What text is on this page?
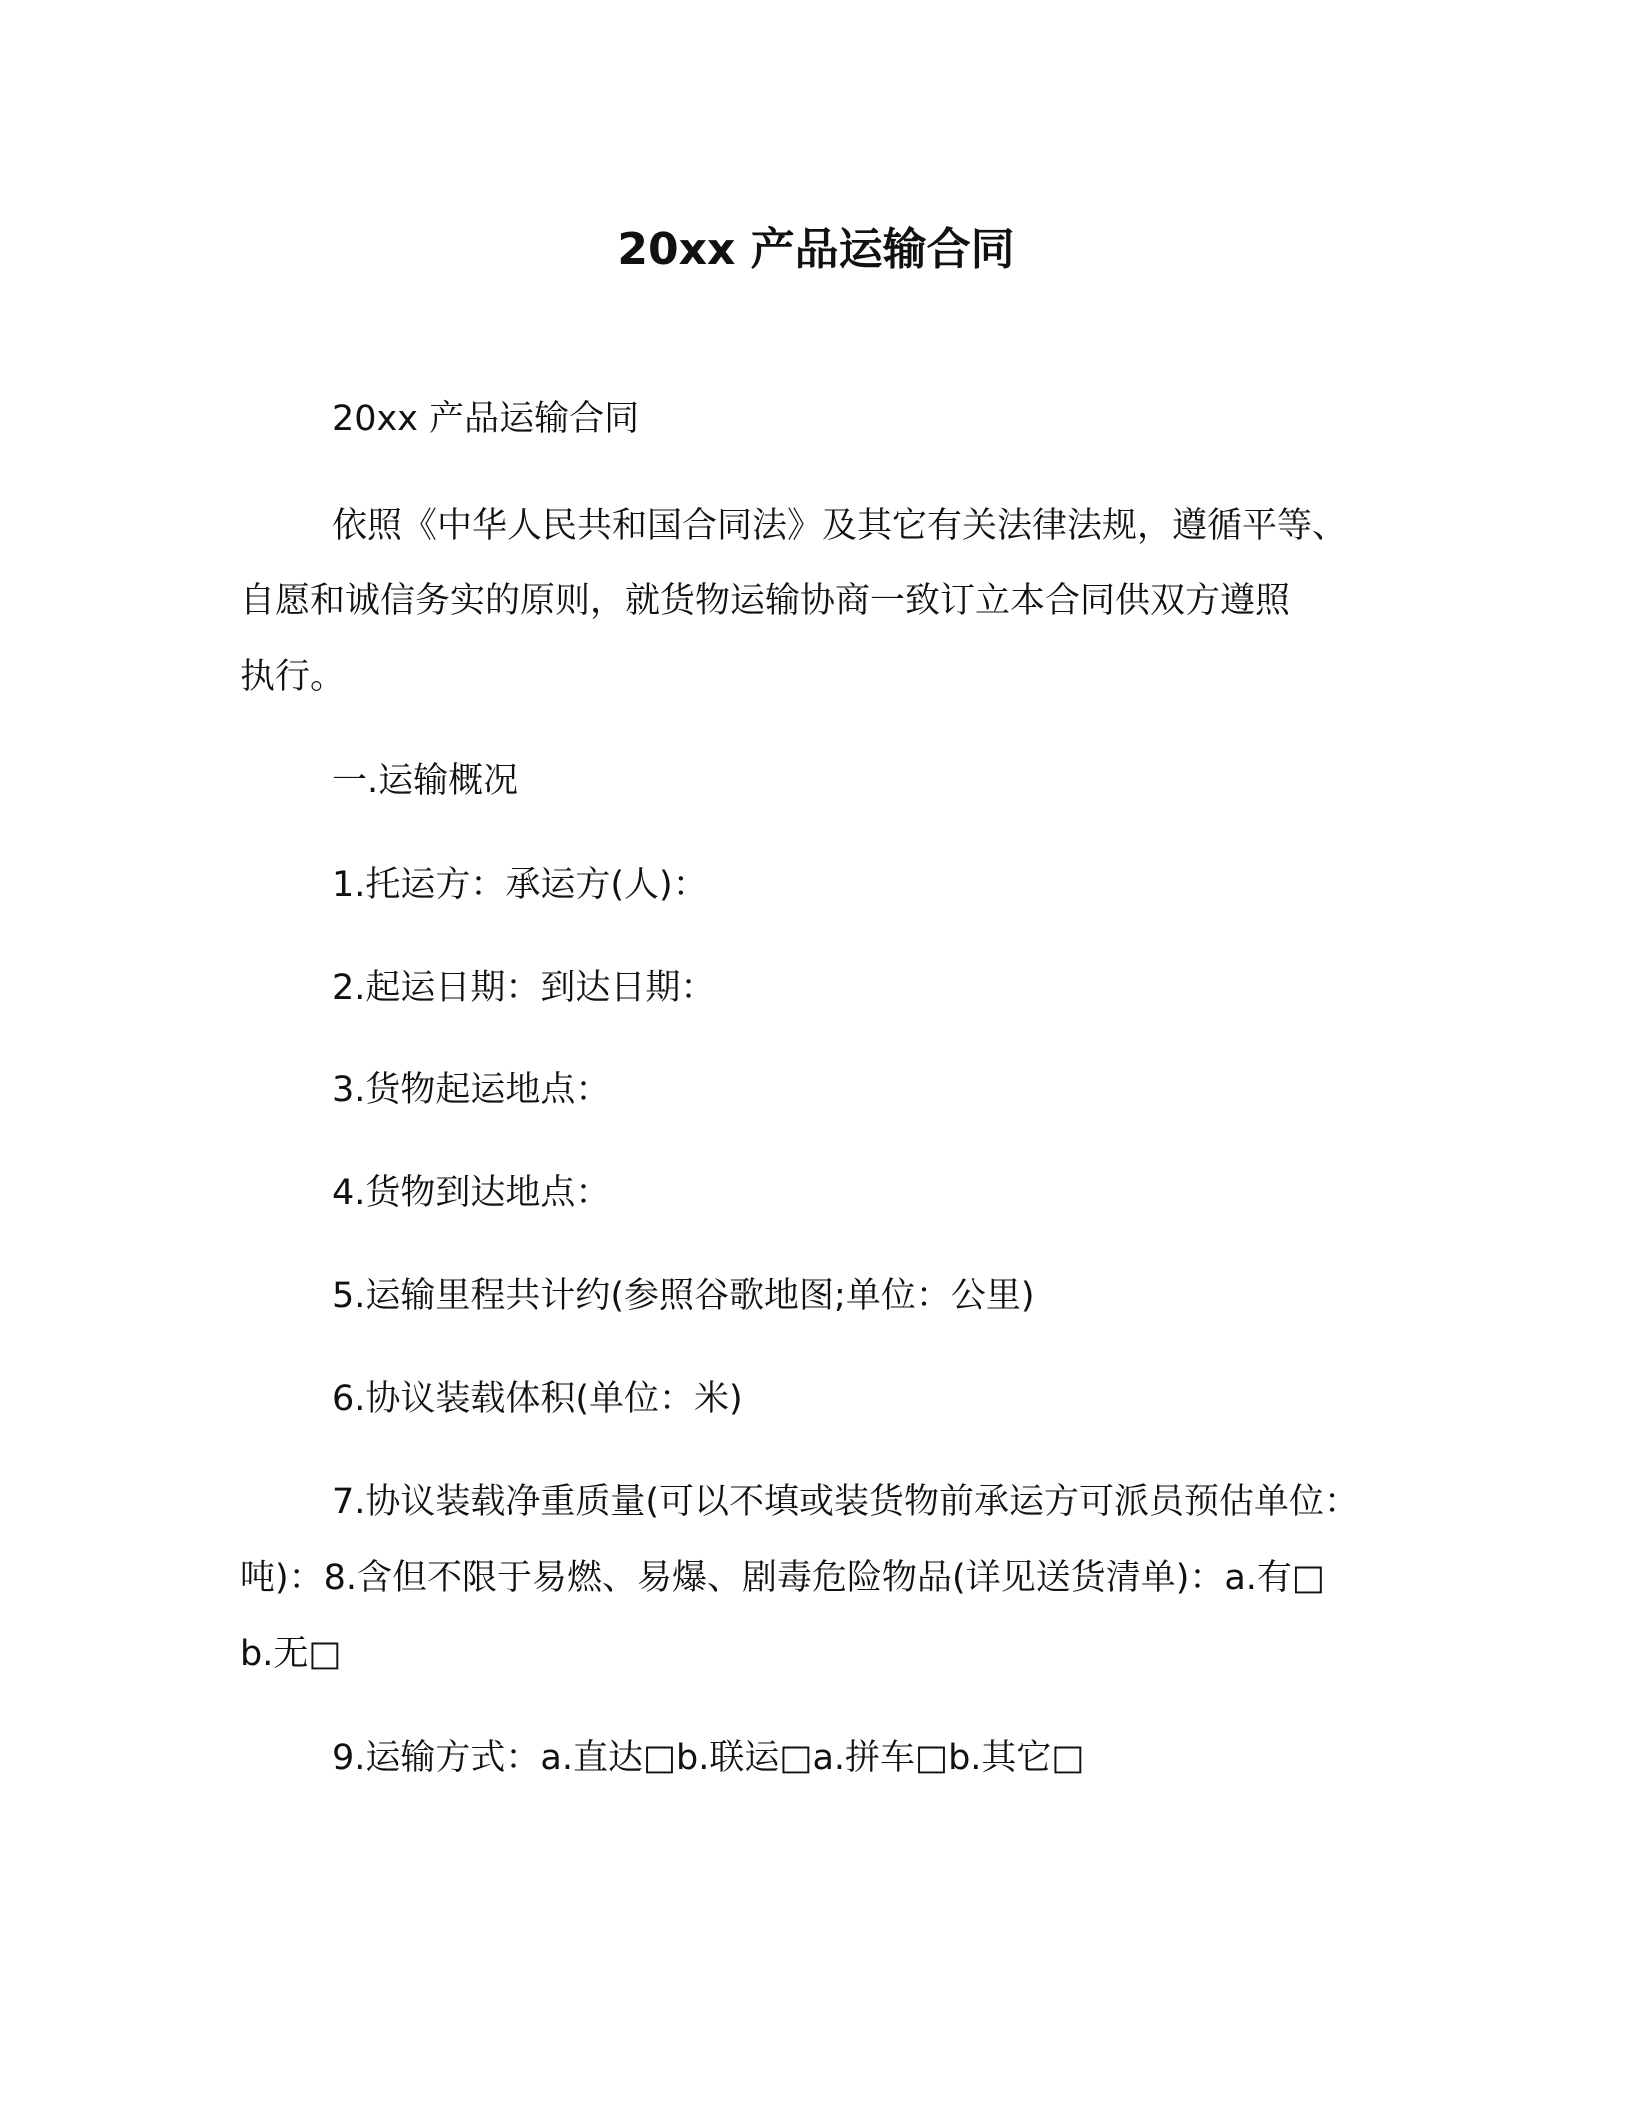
20xx 产品运输合同
20xx 产品运输合同
依照《中华人民共和国合同法》及其它有关法律法规，遵循平等、
自愿和诚信务实的原则，就货物运输协商一致订立本合同供双方遵照
执行。
一.运输概况
1.托运方：承运方(人)：
2.起运日期：到达日期：
3.货物起运地点：
4.货物到达地点：
5.运输里程共计约(参照谷歌地图;单位：公里)
6.协议装载体积(单位：米)
7.协议装载净重质量(可以不填或装货物前承运方可派员预估单位：
吨)：8.含但不限于易燃、易爆、剧毒危险物品(详见送货清单)：a.有□
b.无□
9.运输方式：a.直达□b.联运□a.拼车□b.其它□
